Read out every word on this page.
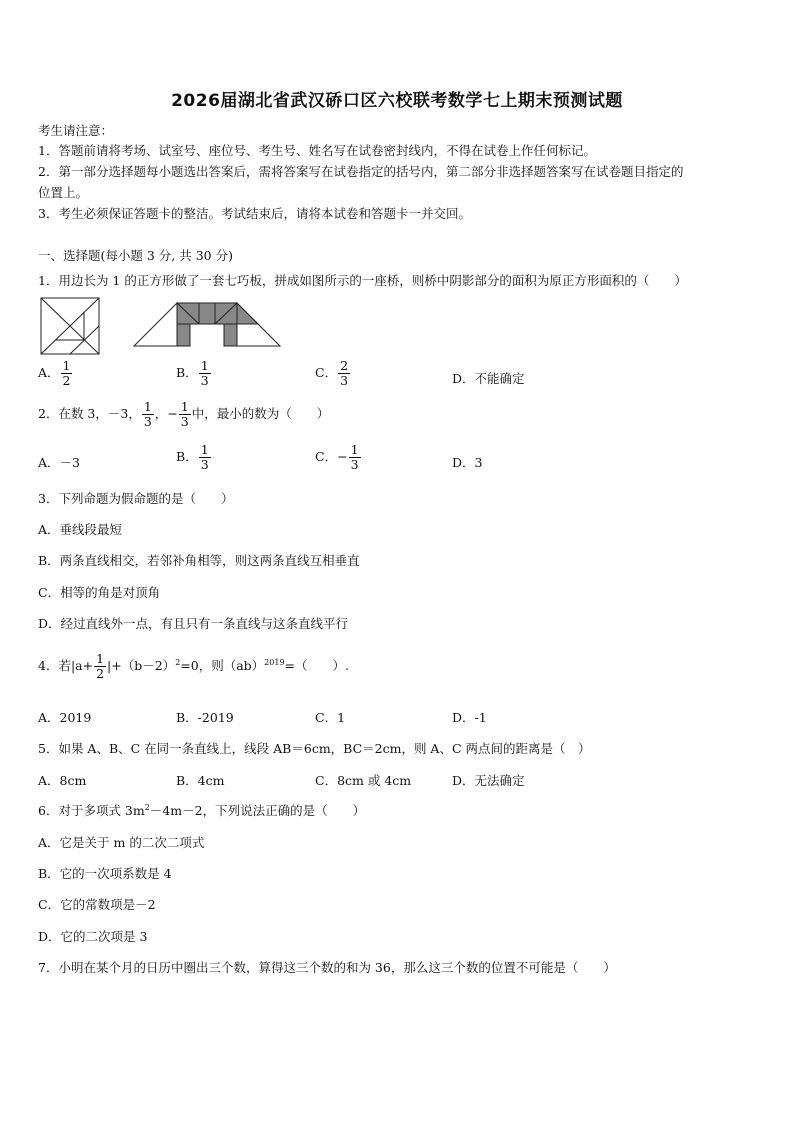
2026届湖北省武汉硚口区六校联考数学七上期末预测试题
考生请注意：
1．答题前请将考场、试室号、座位号、考生号、姓名写在试卷密封线内，不得在试卷上作任何标记。
2．第一部分选择题每小题选出答案后，需将答案写在试卷指定的括号内，第二部分非选择题答案写在试卷题目指定的
位置上。
3．考生必须保证答题卡的整洁。考试结束后，请将本试卷和答题卡一并交回。
一、选择题(每小题 3 分, 共 30 分)
1．用边长为 1 的正方形做了一套七巧板，拼成如图所示的一座桥，则桥中阴影部分的面积为原正方形面积的（　　）
A． $\frac{1}{2}$	B． $\frac{1}{3}$	C． $\frac{2}{3}$	D．不能确定
2．在数 3，－3， $\frac{1}{3}$ ，− $\frac{1}{3}$ 中，最小的数为（　　）
A．－3	B． $\frac{1}{3}$	C．− $\frac{1}{3}$	D．3
3．下列命题为假命题的是（　　）
A．垂线段最短
B．两条直线相交，若邻补角相等，则这两条直线互相垂直
C．相等的角是对顶角
D．经过直线外一点，有且只有一条直线与这条直线平行
4．若$|a+ \frac{1}{2} |+(b-2)^2=0$，则（ab）$^{2019}$=（　　）.
A．2019	B．-2019	C．1	D．-1
5．如果 A、B、C 在同一条直线上，线段 AB＝6cm，BC＝2cm，则 A、C 两点间的距离是（　）
A．8cm	B．4cm	C．8cm 或 4cm	D．无法确定
6．对于多项式 $3m^2-4m-2$，下列说法正确的是（　　）
A．它是关于 m 的二次二项式
B．它的一次项系数是 4
C．它的常数项是－2
D．它的二次项是 3
7．小明在某个月的日历中圈出三个数，算得这三个数的和为 36，那么这三个数的位置不可能是（　　）
